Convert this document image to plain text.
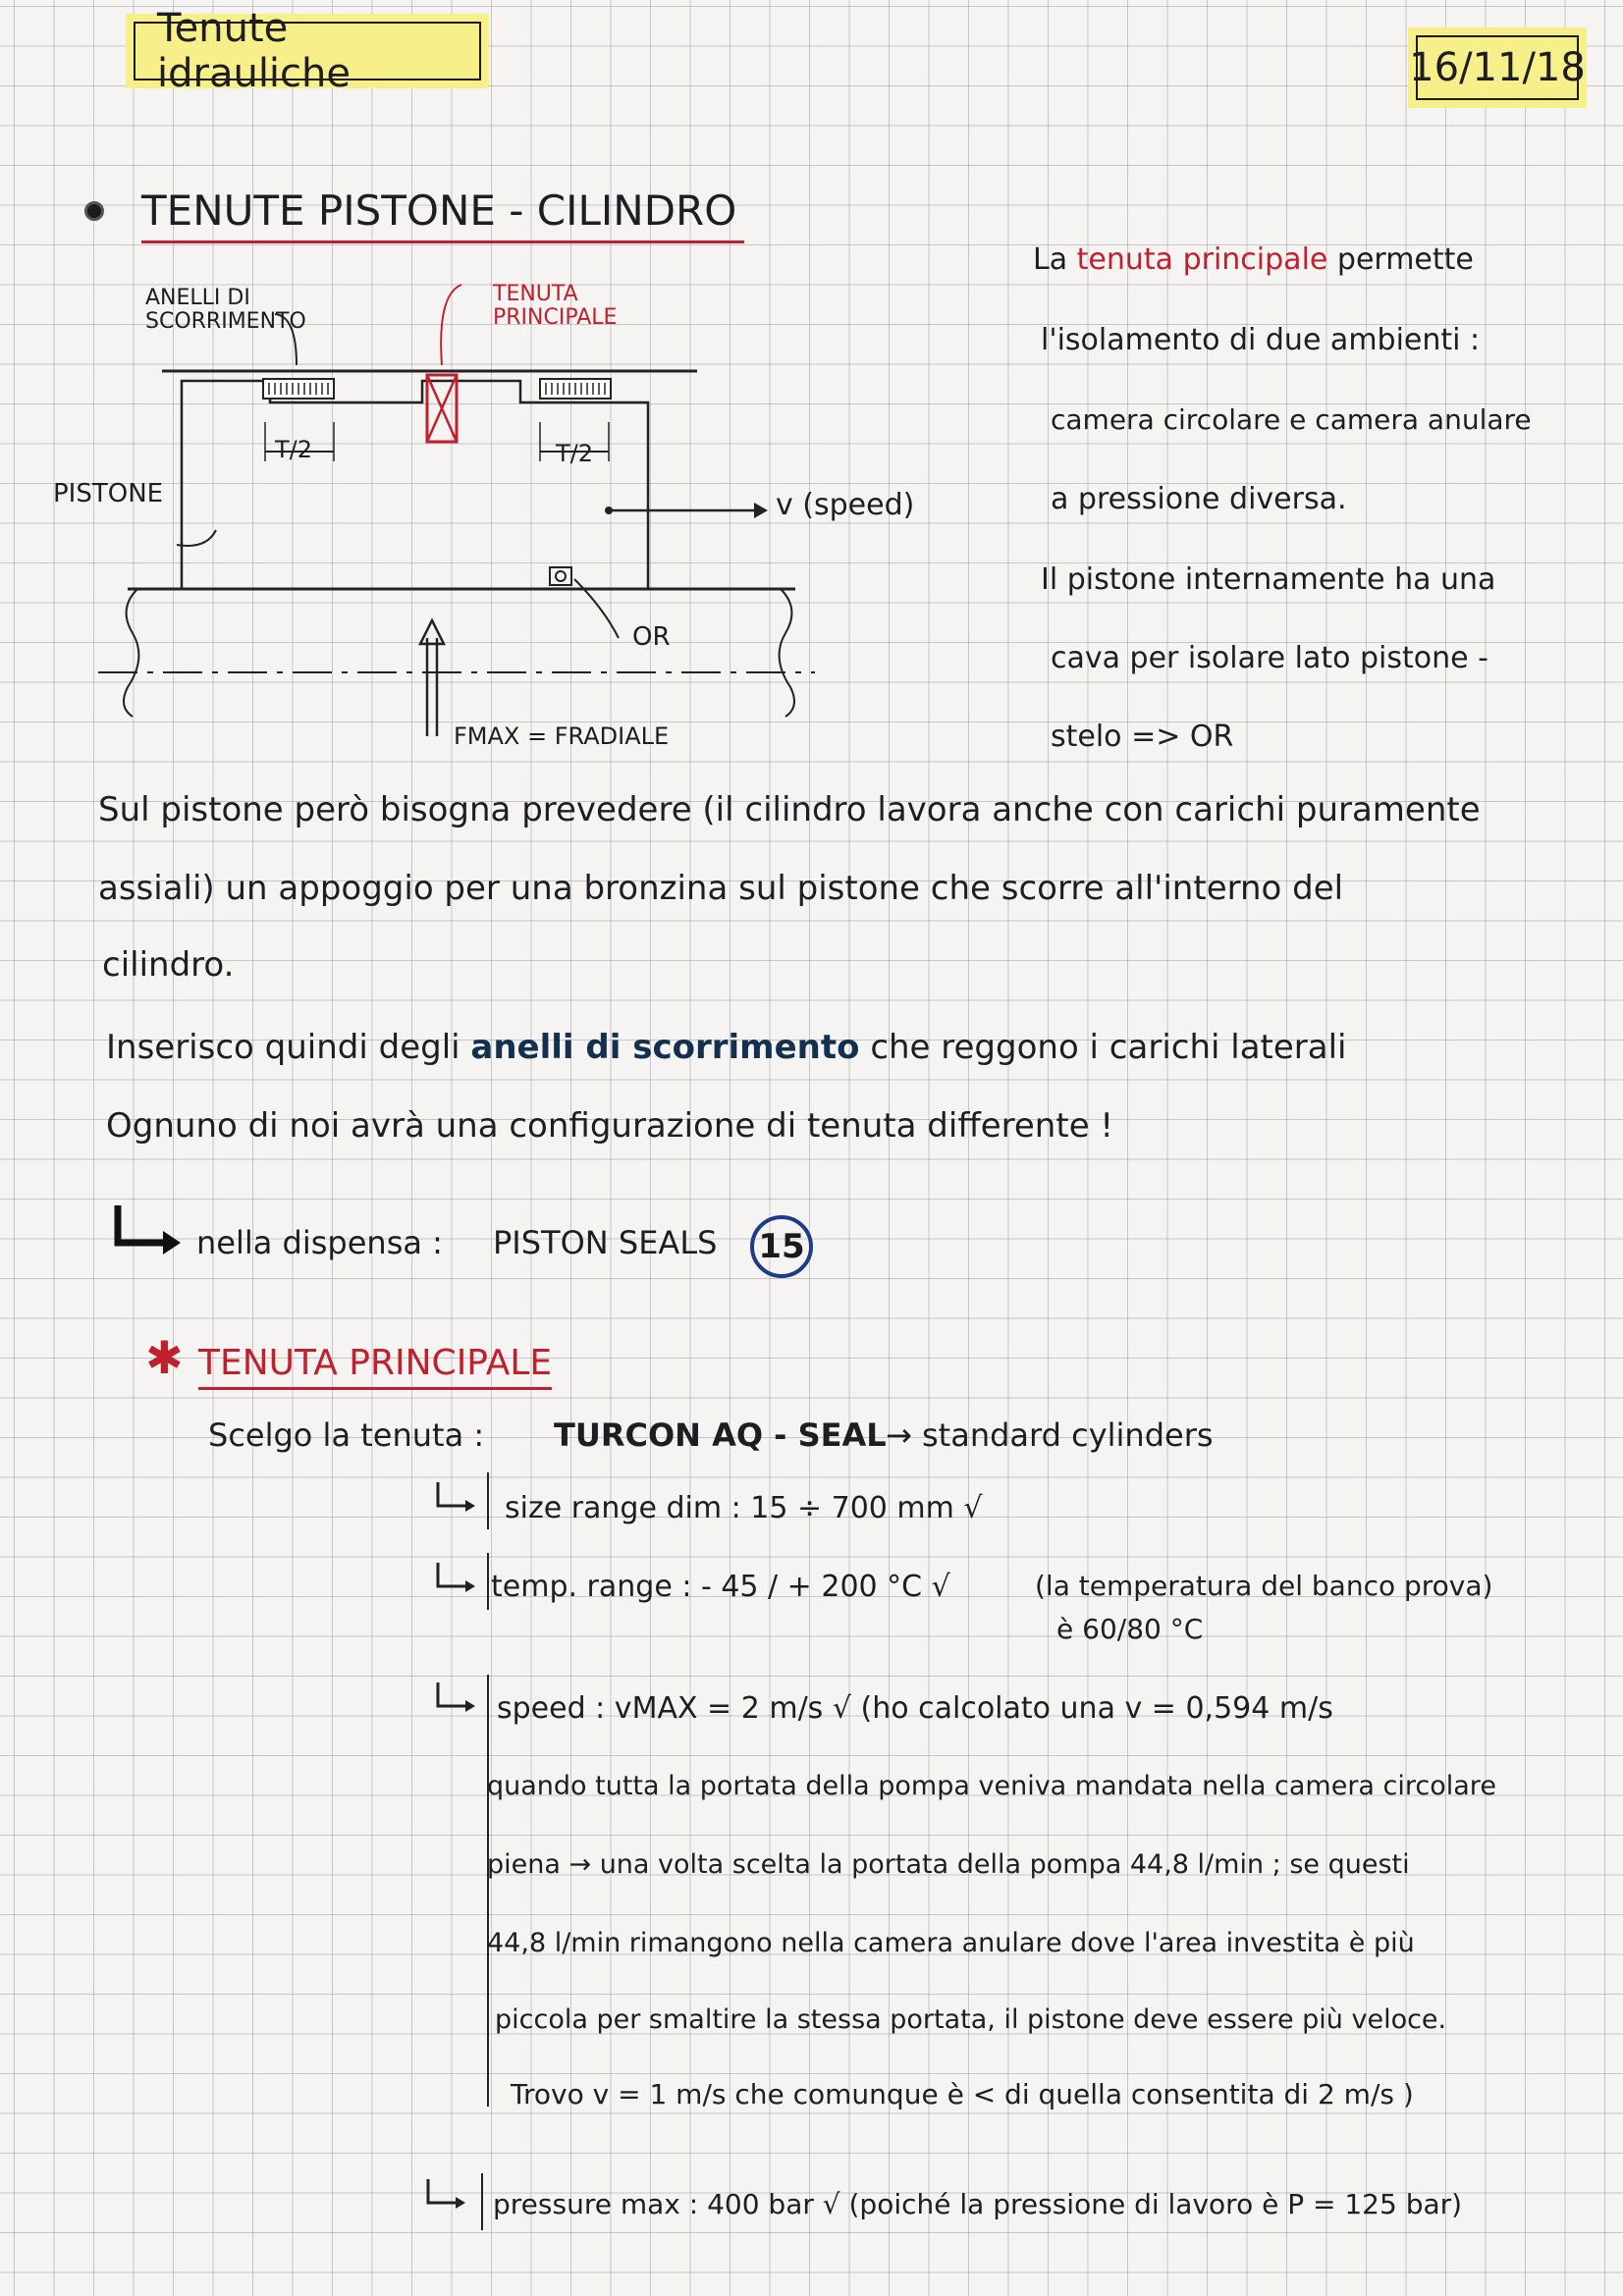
Tenute idrauliche	16/11/18
TENUTE PISTONE - CILINDRO
ANELLI DI SCORRIMENTO
TENUTA PRINCIPALE
T/2	T/2
PISTONE	v (speed)
OR
FMAX = FRADIALE
La tenuta principale permette
l'isolamento di due ambienti :
camera circolare e camera anulare
a pressione diversa.
Il pistone internamente ha una
cava per isolare lato pistone -
stelo => OR
Sul pistone però bisogna prevedere (il cilindro lavora anche con carichi puramente
assiali) un appoggio per una bronzina sul pistone che scorre all'interno del
cilindro.
Inserisco quindi degli anelli di scorrimento che reggono i carichi laterali
Ognuno di noi avrà una configurazione di tenuta differente !
nella dispensa : PISTON SEALS 15
✱ TENUTA PRINCIPALE
Scelgo la tenuta : TURCON AQ - SEAL → standard cylinders
size range dim : 15 ÷ 700 mm √
temp. range : - 45 / + 200 °C √	(la temperatura del banco prova)
è 60/80 °C
speed : vMAX = 2 m/s √ (ho calcolato una v = 0,594 m/s
quando tutta la portata della pompa veniva mandata nella camera circolare
piena → una volta scelta la portata della pompa 44,8 l/min ; se questi
44,8 l/min rimangono nella camera anulare dove l'area investita è più
piccola per smaltire la stessa portata, il pistone deve essere più veloce.
Trovo v = 1 m/s che comunque è < di quella consentita di 2 m/s )
pressure max : 400 bar √ (poiché la pressione di lavoro è P = 125 bar)
